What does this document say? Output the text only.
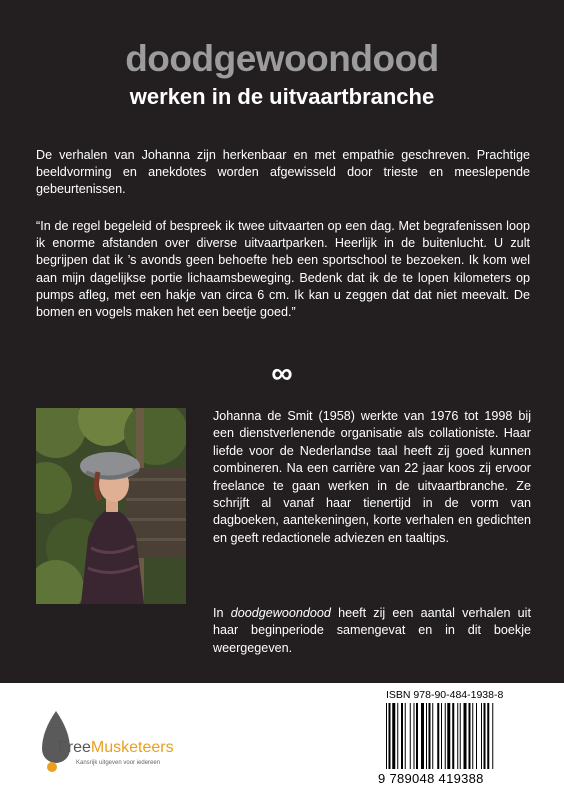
doodgewoondood
werken in de uitvaartbranche

De verhalen van Johanna zijn herkenbaar en met empathie geschreven. Prachtige beeldvorming en anekdotes worden afgewisseld door trieste en meeslepende gebeurtenissen.

“In de regel begeleid of bespreek ik twee uitvaarten op een dag. Met begrafenissen loop ik enorme afstanden over diverse uitvaartparken. Heerlijk in de buitenlucht. U zult begrijpen dat ik ’s avonds geen behoefte heb een sportschool te bezoeken. Ik kom wel aan mijn dagelijkse portie lichaamsbeweging. Bedenk dat ik de te lopen kilometers op pumps afleg, met een hakje van circa 6 cm. Ik kan u zeggen dat dat niet meevalt. De bomen en vogels maken het een beetje goed.”

∞

Johanna de Smit (1958) werkte van 1976 tot 1998 bij een dienstverlenende organisatie als collationiste. Haar liefde voor de Nederlandse taal heeft zij goed kunnen combineren. Na een carrière van 22 jaar koos zij ervoor freelance te gaan werken in de uitvaartbranche. Ze schrijft al vanaf haar tienertijd in de vorm van dagboeken, aantekeningen, korte verhalen en gedichten en geeft redactionele adviezen en taaltips.

In doodgewoondood heeft zij een aantal verhalen uit haar beginperiode samengevat en in dit boekje weergegeven.

FreeMusketeers
Kansrijk uitgeven voor iedereen
ISBN 978-90-484-1938-8
9 789048 419388
